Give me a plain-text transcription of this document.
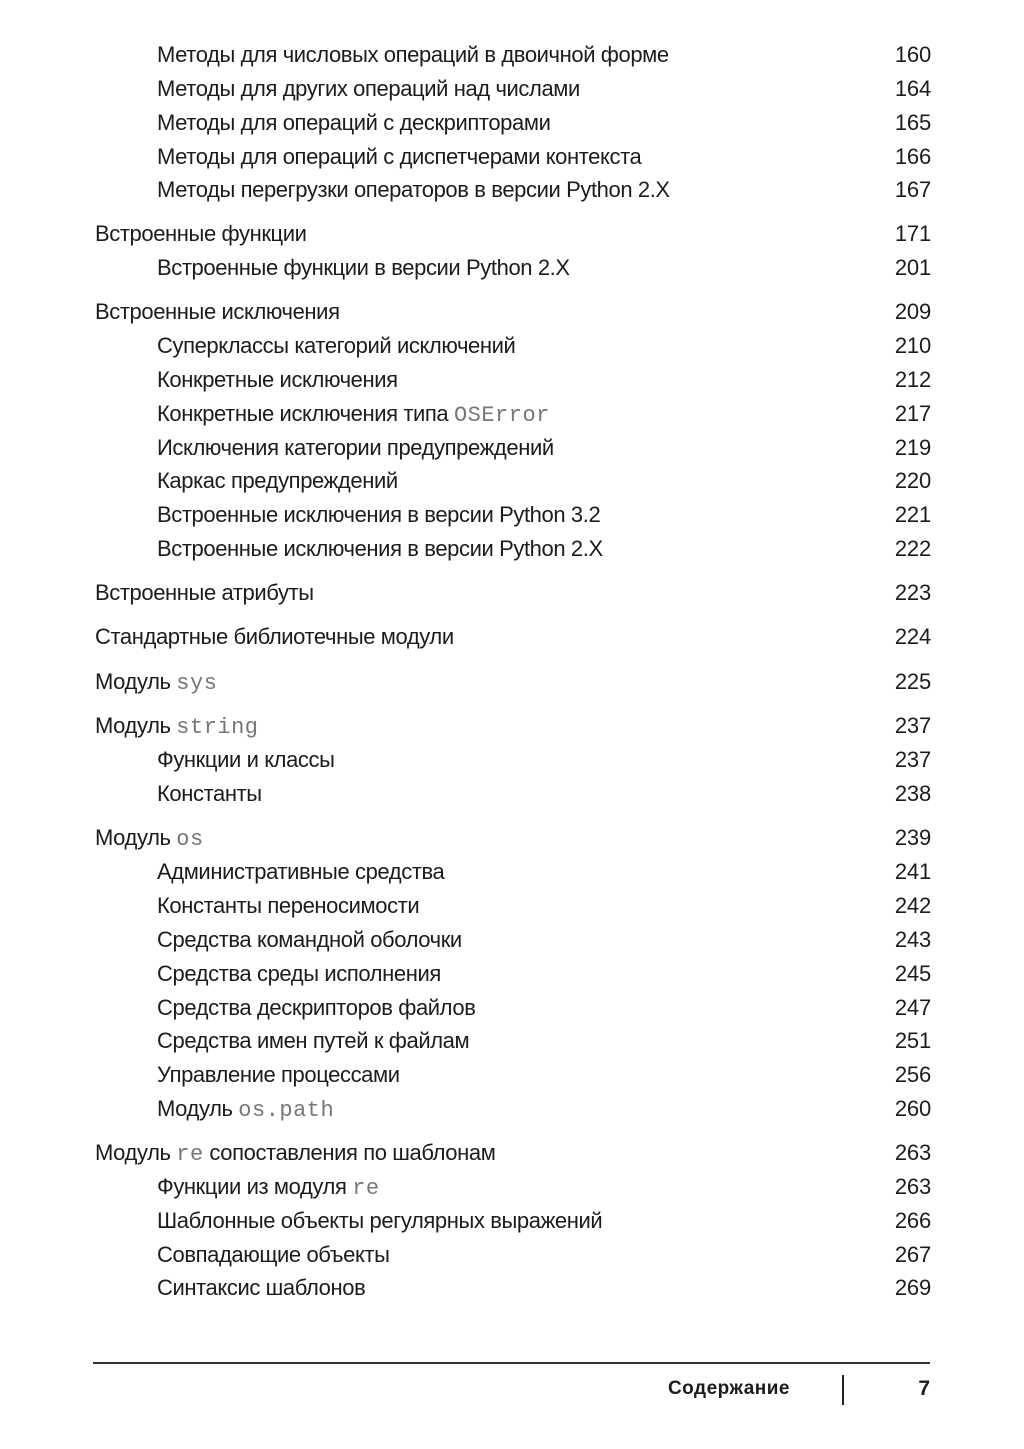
Методы для числовых операций в двоичной форме	160
Методы для других операций над числами	164
Методы для операций с дескрипторами	165
Методы для операций с диспетчерами контекста	166
Методы перегрузки операторов в версии Python 2.X	167
Встроенные функции	171
Встроенные функции в версии Python 2.X	201
Встроенные исключения	209
Суперклассы категорий исключений	210
Конкретные исключения	212
Конкретные исключения типа OSError	217
Исключения категории предупреждений	219
Каркас предупреждений	220
Встроенные исключения в версии Python 3.2	221
Встроенные исключения в версии Python 2.X	222
Встроенные атрибуты	223
Стандартные библиотечные модули	224
Модуль sys	225
Модуль string	237
Функции и классы	237
Константы	238
Модуль os	239
Административные средства	241
Константы переносимости	242
Средства командной оболочки	243
Средства среды исполнения	245
Средства дескрипторов файлов	247
Средства имен путей к файлам	251
Управление процессами	256
Модуль os.path	260
Модуль re сопоставления по шаблонам	263
Функции из модуля re	263
Шаблонные объекты регулярных выражений	266
Совпадающие объекты	267
Синтаксис шаблонов	269
Содержание	7
